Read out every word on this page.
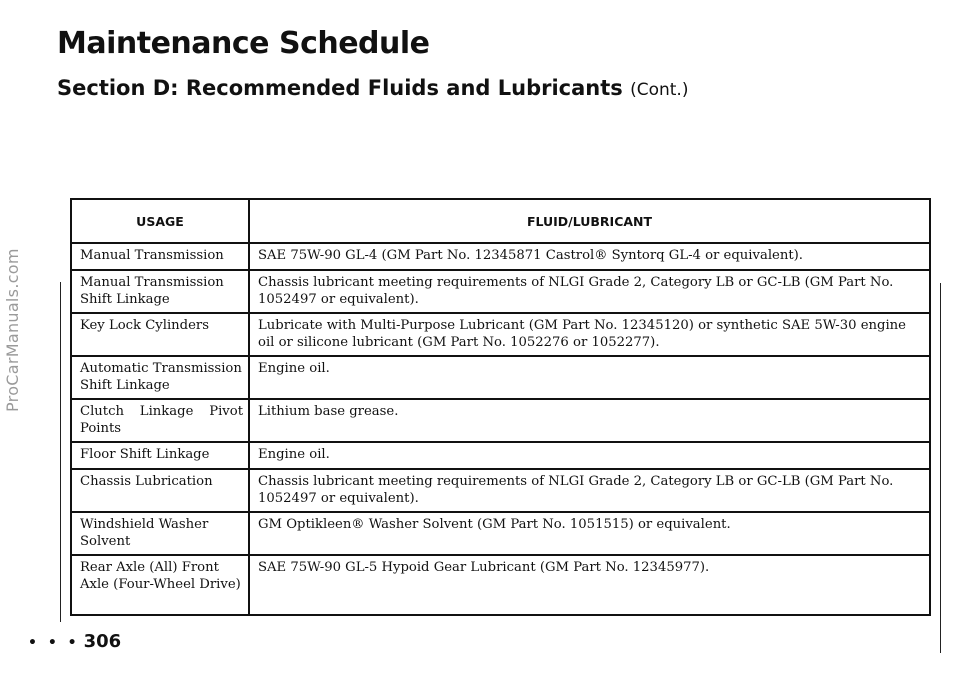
ProCarManuals.com
Maintenance Schedule
Section D: Recommended Fluids and Lubricants (Cont.)
USAGE	FLUID/LUBRICANT
Manual Transmission	SAE 75W-90 GL-4 (GM Part No. 12345871 Castrol® Syntorq GL-4 or equivalent).
Manual Transmission Shift Linkage	Chassis lubricant meeting requirements of NLGI Grade 2, Category LB or GC-LB (GM Part No. 1052497 or equivalent).
Key Lock Cylinders	Lubricate with Multi-Purpose Lubricant (GM Part No. 12345120) or synthetic SAE 5W-30 engine oil or silicone lubricant (GM Part No. 1052276 or 1052277).
Automatic Transmission Shift Linkage	Engine oil.
Clutch Linkage Pivot Points	Lithium base grease.
Floor Shift Linkage	Engine oil.
Chassis Lubrication	Chassis lubricant meeting requirements of NLGI Grade 2, Category LB or GC-LB (GM Part No. 1052497 or equivalent).
Windshield Washer Solvent	GM Optikleen® Washer Solvent (GM Part No. 1051515) or equivalent.
Rear Axle (All) Front Axle (Four-Wheel Drive)	SAE 75W-90 GL-5 Hypoid Gear Lubricant (GM Part No. 12345977).
• • • 306
